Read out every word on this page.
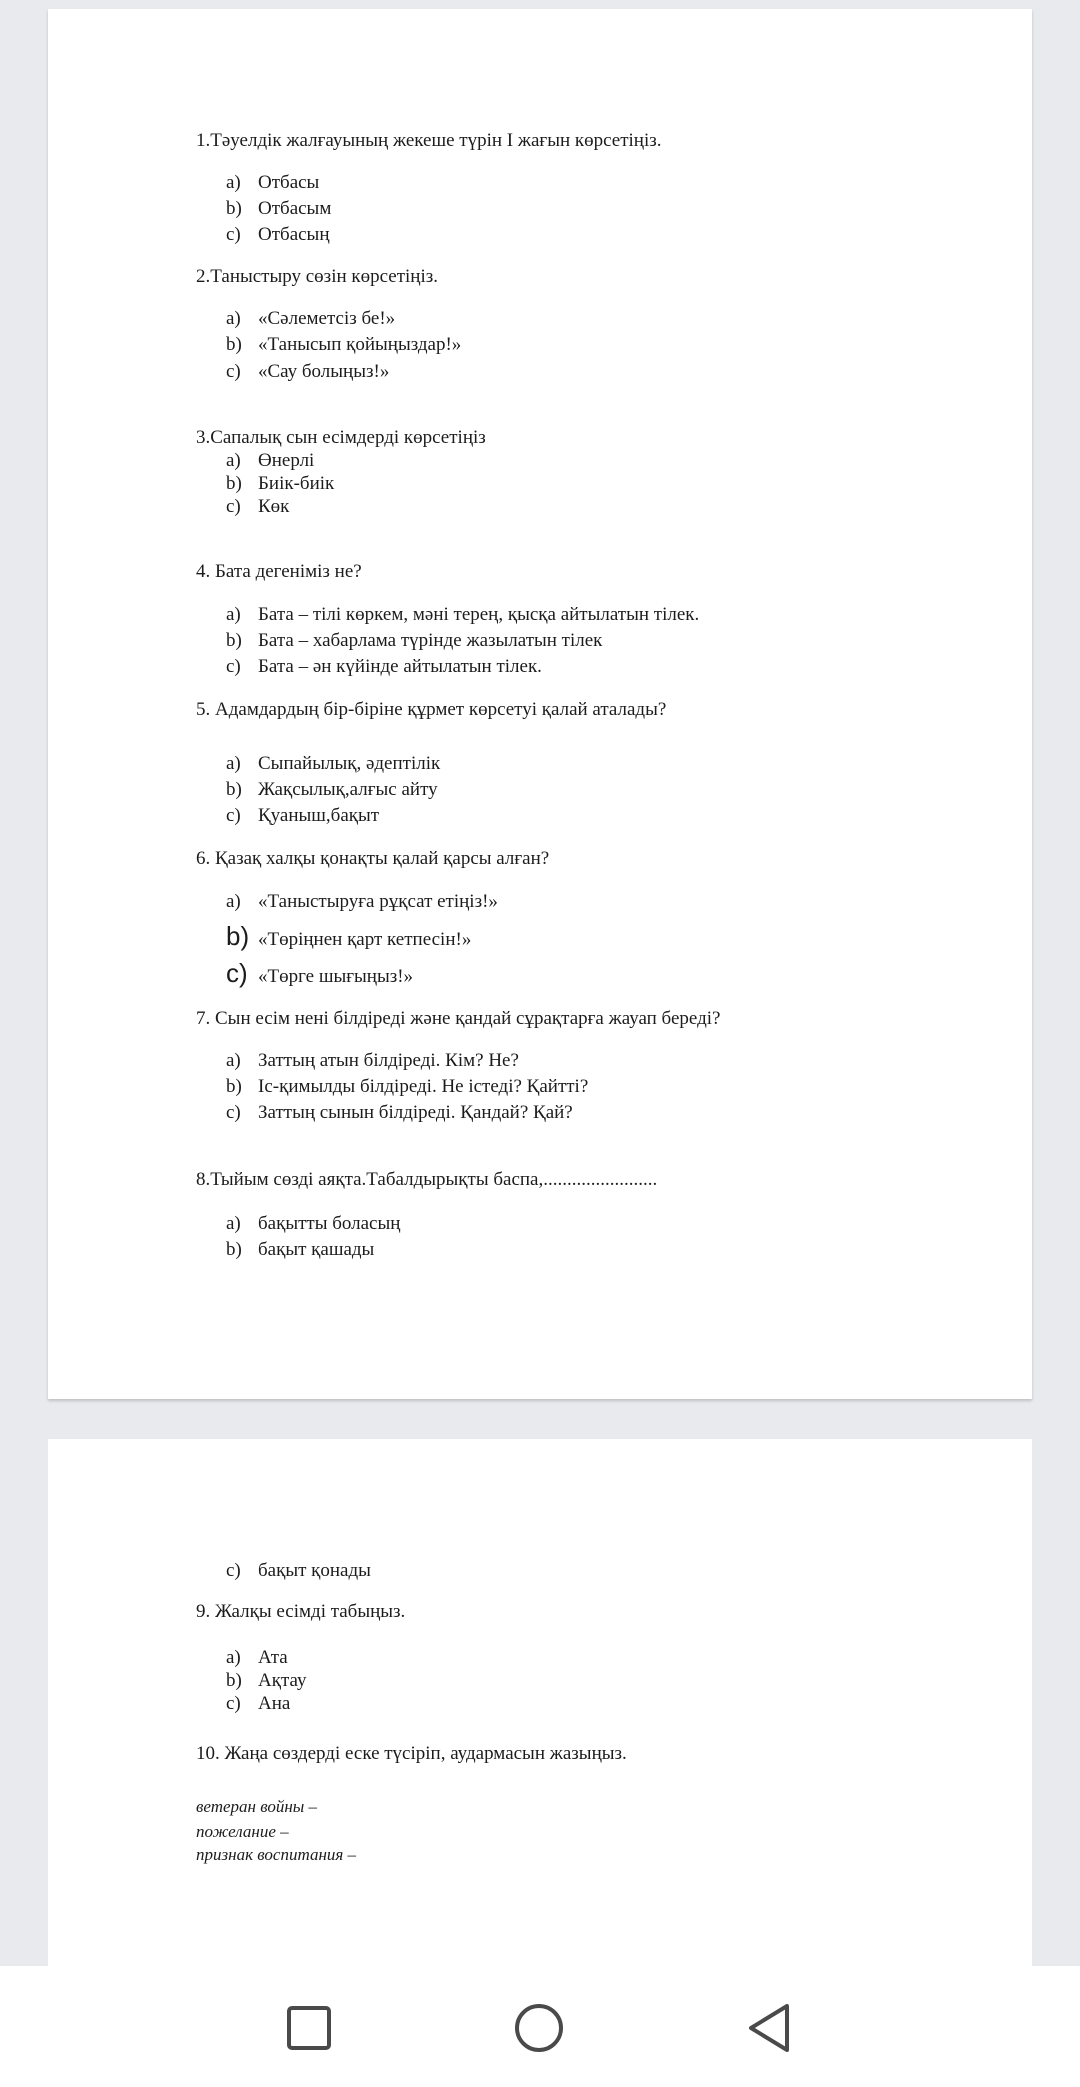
1.Тәуелдік жалғауының жекеше түрін І жағын көрсетіңіз.
a) Отбасы
b) Отбасым
c) Отбасың
2.Таныстыру сөзін көрсетіңіз.
a) «Сәлеметсіз бе!»
b) «Танысып қойыңыздар!»
c) «Сау болыңыз!»
3.Сапалық сын есімдерді көрсетіңіз
a) Өнерлі
b) Биік-биік
c) Көк
4. Бата дегеніміз не?
a) Бата – тілі көркем, мәні терең, қысқа айтылатын тілек.
b) Бата – хабарлама түрінде жазылатын тілек
c) Бата – ән күйінде айтылатын тілек.
5. Адамдардың бір-біріне құрмет көрсетуі қалай аталады?
a) Сыпайылық, әдептілік
b) Жақсылық,алғыс айту
c) Қуаныш,бақыт
6. Қазақ халқы қонақты қалай қарсы алған?
a) «Таныстыруға рұқсат етіңіз!»
b) «Төріңнен қарт кетпесін!»
c) «Төрге шығыңыз!»
7. Сын есім нені білдіреді және қандай сұрақтарға жауап береді?
a) Заттың атын білдіреді. Кім? Не?
b) Іс-қимылды білдіреді. Не істеді? Қайтті?
c) Заттың сынын білдіреді. Қандай? Қай?
8.Тыйым сөзді аяқта.Табалдырықты баспа,........................
a) бақытты боласың
b) бақыт қашады
c) бақыт қонады
9. Жалқы есімді табыңыз.
a) Ата
b) Ақтау
c) Ана
10. Жаңа сөздерді еске түсіріп, аудармасын жазыңыз.
ветеран войны –
пожелание –
признак воспитания –
